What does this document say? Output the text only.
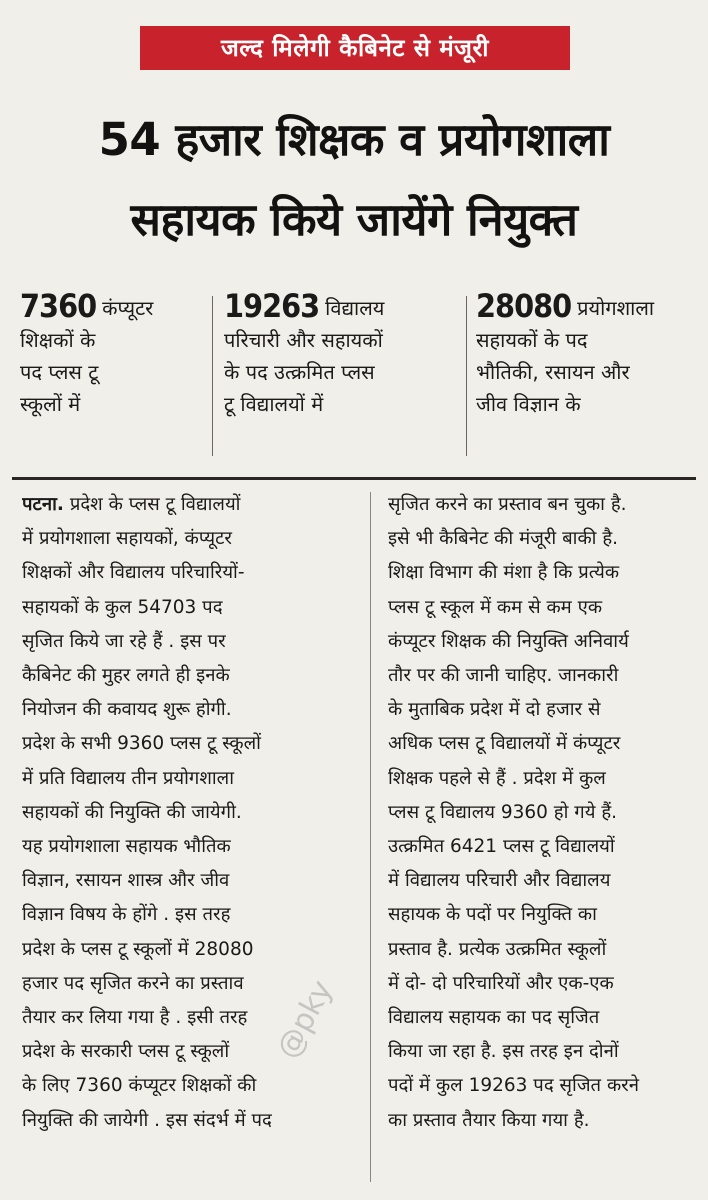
जल्द मिलेगी कैबिनेट से मंजूरी
54 हजार शिक्षक व प्रयोगशाला
सहायक किये जायेंगे नियुक्त
7360 कंप्यूटर
शिक्षकों के
पद प्लस टू
स्कूलों में
19263 विद्यालय
परिचारी और सहायकों
के पद उत्क्रमित प्लस
टू विद्यालयों में
28080 प्रयोगशाला
सहायकों के पद
भौतिकी, रसायन और
जीव विज्ञान के
पटना. प्रदेश के प्लस टू विद्यालयों
में प्रयोगशाला सहायकों, कंप्यूटर
शिक्षकों और विद्यालय परिचारियों-
सहायकों के कुल 54703 पद
सृजित किये जा रहे हैं . इस पर
कैबिनेट की मुहर लगते ही इनके
नियोजन की कवायद शुरू होगी.
प्रदेश के सभी 9360 प्लस टू स्कूलों
में प्रति विद्यालय तीन प्रयोगशाला
सहायकों की नियुक्ति की जायेगी.
यह प्रयोगशाला सहायक भौतिक
विज्ञान, रसायन शास्त्र और जीव
विज्ञान विषय के होंगे . इस तरह
प्रदेश के प्लस टू स्कूलों में 28080
हजार पद सृजित करने का प्रस्ताव
तैयार कर लिया गया है . इसी तरह
प्रदेश के सरकारी प्लस टू स्कूलों
के लिए 7360 कंप्यूटर शिक्षकों की
नियुक्ति की जायेगी . इस संदर्भ में पद
सृजित करने का प्रस्ताव बन चुका है.
इसे भी कैबिनेट की मंजूरी बाकी है.
शिक्षा विभाग की मंशा है कि प्रत्येक
प्लस टू स्कूल में कम से कम एक
कंप्यूटर शिक्षक की नियुक्ति अनिवार्य
तौर पर की जानी चाहिए. जानकारी
के मुताबिक प्रदेश में दो हजार से
अधिक प्लस टू विद्यालयों में कंप्यूटर
शिक्षक पहले से हैं . प्रदेश में कुल
प्लस टू विद्यालय 9360 हो गये हैं.
उत्क्रमित 6421 प्लस टू विद्यालयों
में विद्यालय परिचारी और विद्यालय
सहायक के पदों पर नियुक्ति का
प्रस्ताव है. प्रत्येक उत्क्रमित स्कूलों
में दो- दो परिचारियों और एक-एक
विद्यालय सहायक का पद सृजित
किया जा रहा है. इस तरह इन दोनों
पदों में कुल 19263 पद सृजित करने
का प्रस्ताव तैयार किया गया है.
@pky
